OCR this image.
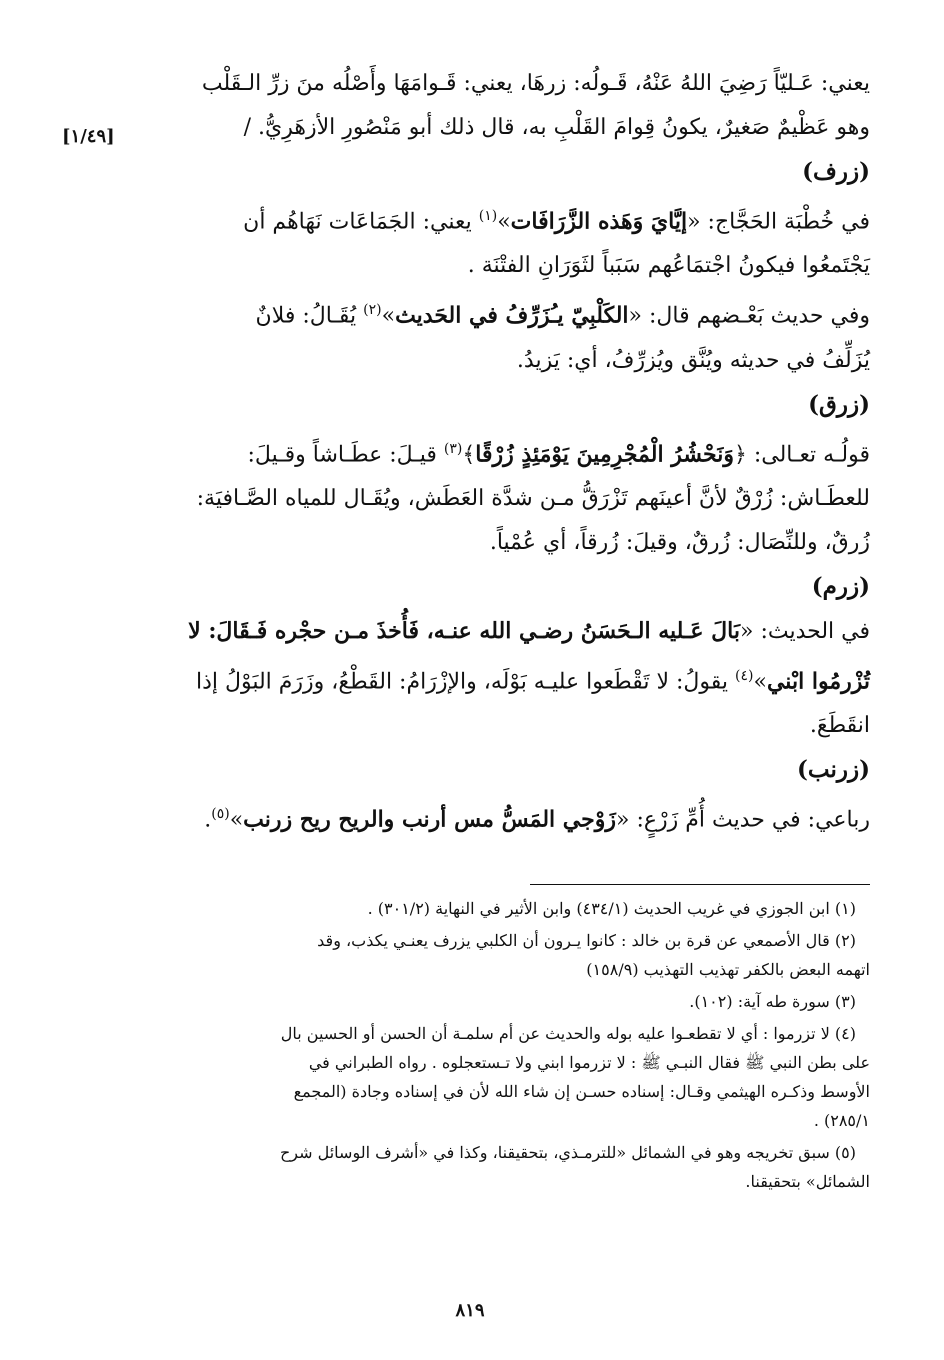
[١/٤٩]

يعني: عَـليّاً رَضِيَ اللهُ عَنْهُ، قَـولُه: زرهَا، يعني: قَـوامَهَا وأَصْلُه منَ زرِّ الـقَلْب
وهو عَظْيمٌ صَغيرٌ، يكونُ قِوامَ القَلْبِ به، قال ذلك أبو مَنْصُورِ الأزهَرِيُّ. /

(زرف)

في خُطْبَة الحَجَّاج: «إيَّايَ وَهَذه الزَّرَافَات»$^{(١)}$ يعني: الجَمَاعَات نَهَاهُم أن
يَجْتَمعُوا فيكونُ اجْتمَاعُهم سَبَباً لثَوَرَانِ الفتْنَة .

وفي حديث بَعْـضهم قال: «الكَلْبِيّ يـُزَرِّفُ في الحَديث»$^{(٢)}$ يُقَـالُ: فلانٌ
يُزَلِّفُ في حديثه ويُنَّق ويُزرِّفُ، أي: يَزيدُ.

(زرق)

قولُـه تعـالى: ﴿وَنَحْشُرُ الْمُجْرِمِينَ يَوْمَئِذٍ زُرْقًا﴾$^{(٣)}$ قيـلَ: عطَـاشاً وقـيلَ:
للعطَـاش: زُرْقٌ لأنَّ أعينَهم تَزْرَقُّ مـن شدَّة العَطَش، ويُقَـال للمياه الصَّـافيَة:
زُرقٌ، وللنِّصَال: زُرقٌ، وقيلَ: زُرقاً، أي عُمْياً.

(زرم)

في الحديث: «بَالَ عَـليه الـحَسَنُ رضـي الله عنـه، فَأُخذَ مـن حجْره فَـقَالَ: لا
تُزْرمُوا ابْني»$^{(٤)}$ يقولُ: لا تَقْطَعوا عليـه بَوْلَه، والإزْرَامُ: القَطْعُ، وزَرَمَ البَوْلُ إذا
انقَطَعَ.

(زرنب)

رباعي: في حديث أُمِّ زَرْعٍ: «زَوْجي المَسُّ مس أرنب والريح ريح زرنب»$^{(٥)}$.

(١) ابن الجوزي في غريب الحديث (٤٣٤/١) وابن الأثير في النهاية (٣٠١/٢) .

(٢) قال الأصمعي عن قرة بن خالد : كانوا يـرون أن الكلبي يزرف يعنـي يكذب، وقد
اتهمه البعض بالكفر تهذيب التهذيب (١٥٨/٩)

(٣) سورة طه آية: (١٠٢).

(٤) لا تزرموا : أي لا تقطعـوا عليه بوله والحديث عن أم سلمـة أن الحسن أو الحسين بال
على بطن النبي ﷺ فقال النبـي ﷺ : لا تزرموا ابني ولا تـستعجلوه . رواه الطبراني في
الأوسط وذكـره الهيثمي وقـال: إسناده حسـن إن شاء الله لأن في إسناده وجادة (المجمع
٢٨٥/١) .

(٥) سبق تخريجه وهو في الشمائل «للترمـذي، بتحقيقنا، وكذا في «أشرف الوسائل شرح
الشمائل» بتحقيقنا.

٨١٩
